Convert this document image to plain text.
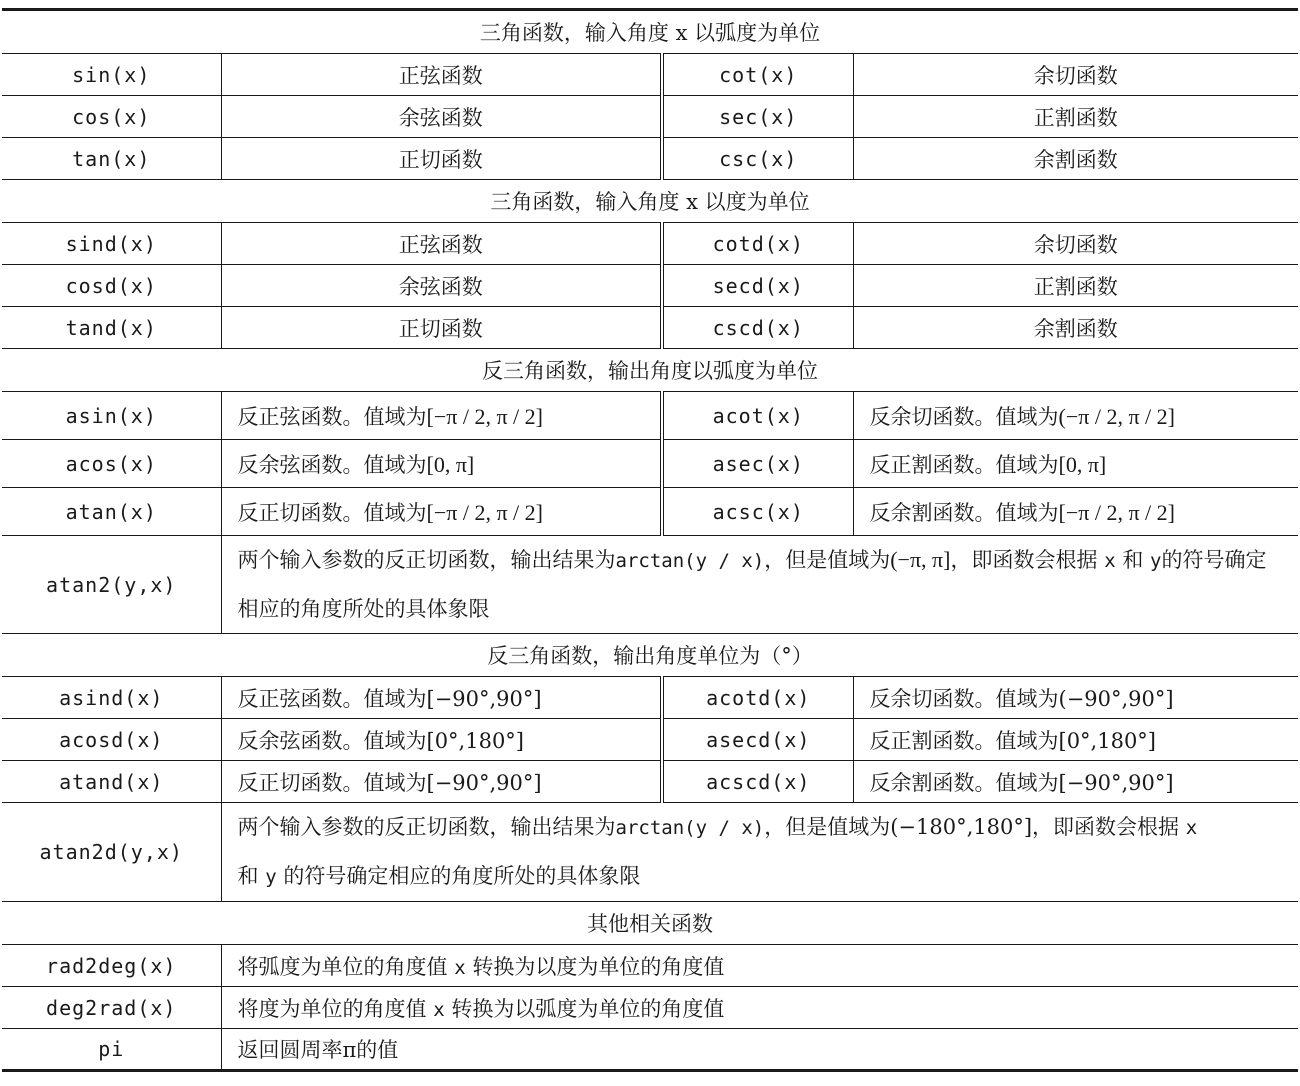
三角函数，输入角度 x 以弧度为单位			
sin(x)	正弦函数	cot(x)	余切函数
cos(x)	余弦函数	sec(x)	正割函数
tan(x)	正切函数	csc(x)	余割函数
三角函数，输入角度 x 以度为单位			
sind(x)	正弦函数	cotd(x)	余切函数
cosd(x)	余弦函数	secd(x)	正割函数
tand(x)	正切函数	cscd(x)	余割函数
反三角函数，输出角度以弧度为单位			
asin(x)	反正弦函数。值域为[−π / 2, π / 2]	acot(x)	反余切函数。值域为(−π / 2, π / 2]
acos(x)	反余弦函数。值域为[0, π]	asec(x)	反正割函数。值域为[0, π]
atan(x)	反正切函数。值域为[−π / 2, π / 2]	acsc(x)	反余割函数。值域为[−π / 2, π / 2]
atan2(y,x)	两个输入参数的反正切函数，输出结果为arctan(y / x)，但是值域为(−π, π]，即函数会根据 x 和 y的符号确定相应的角度所处的具体象限		
反三角函数，输出角度单位为（°）			
asind(x)	反正弦函数。值域为[−90°,90°]	acotd(x)	反余切函数。值域为(−90°,90°]
acosd(x)	反余弦函数。值域为[0°,180°]	asecd(x)	反正割函数。值域为[0°,180°]
atand(x)	反正切函数。值域为[−90°,90°]	acscd(x)	反余割函数。值域为[−90°,90°]
atan2d(y,x)	两个输入参数的反正切函数，输出结果为arctan(y / x)，但是值域为(−180°,180°]，即函数会根据 x
和 y 的符号确定相应的角度所处的具体象限		
其他相关函数			
rad2deg(x)	将弧度为单位的角度值 x 转换为以度为单位的角度值		
deg2rad(x)	将度为单位的角度值 x 转换为以弧度为单位的角度值		
pi	返回圆周率π的值		
